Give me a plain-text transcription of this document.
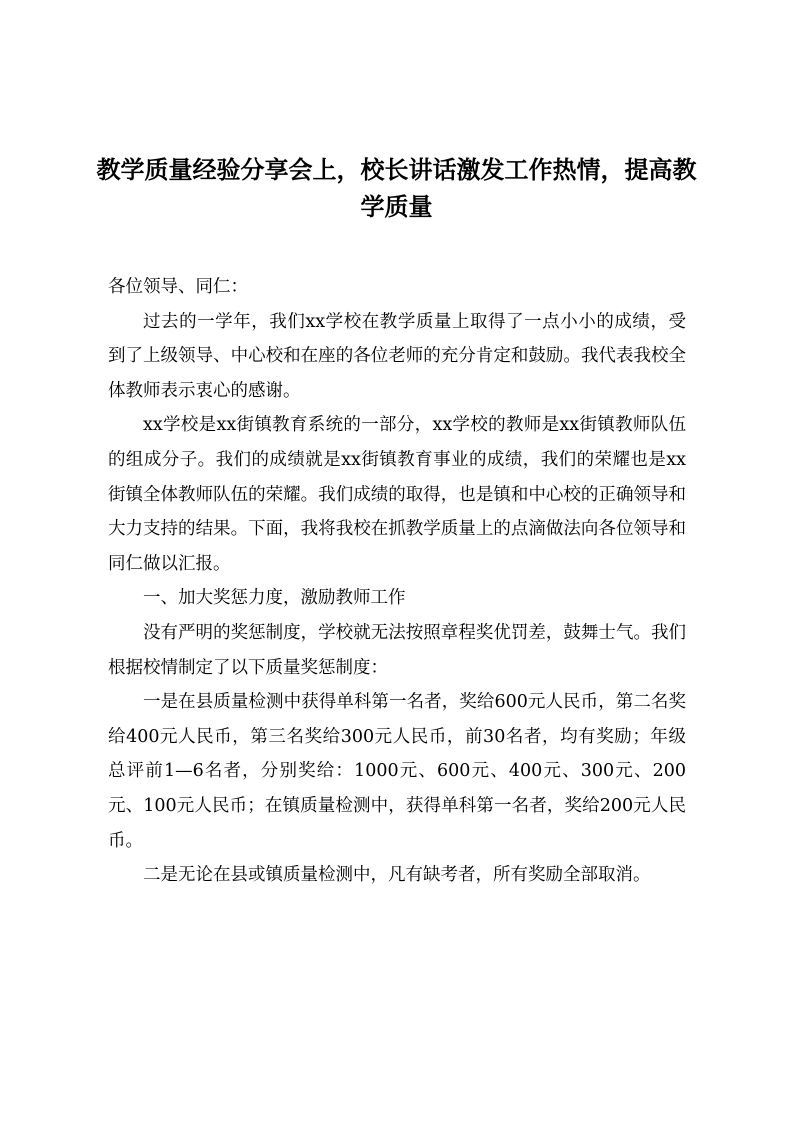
教学质量经验分享会上，校长讲话激发工作热情，提高教学质量

各位领导、同仁：

过去的一学年，我们xx学校在教学质量上取得了一点小小的成绩，受到了上级领导、中心校和在座的各位老师的充分肯定和鼓励。我代表我校全体教师表示衷心的感谢。

xx学校是xx街镇教育系统的一部分，xx学校的教师是xx街镇教师队伍的组成分子。我们的成绩就是xx街镇教育事业的成绩，我们的荣耀也是xx街镇全体教师队伍的荣耀。我们成绩的取得，也是镇和中心校的正确领导和大力支持的结果。下面，我将我校在抓教学质量上的点滴做法向各位领导和同仁做以汇报。

一、加大奖惩力度，激励教师工作

没有严明的奖惩制度，学校就无法按照章程奖优罚差，鼓舞士气。我们根据校情制定了以下质量奖惩制度：

一是在县质量检测中获得单科第一名者，奖给600元人民币，第二名奖给400元人民币，第三名奖给300元人民币，前30名者，均有奖励；年级总评前1—6名者，分别奖给：1000元、600元、400元、300元、200元、100元人民币；在镇质量检测中，获得单科第一名者，奖给200元人民币。

二是无论在县或镇质量检测中，凡有缺考者，所有奖励全部取消。
